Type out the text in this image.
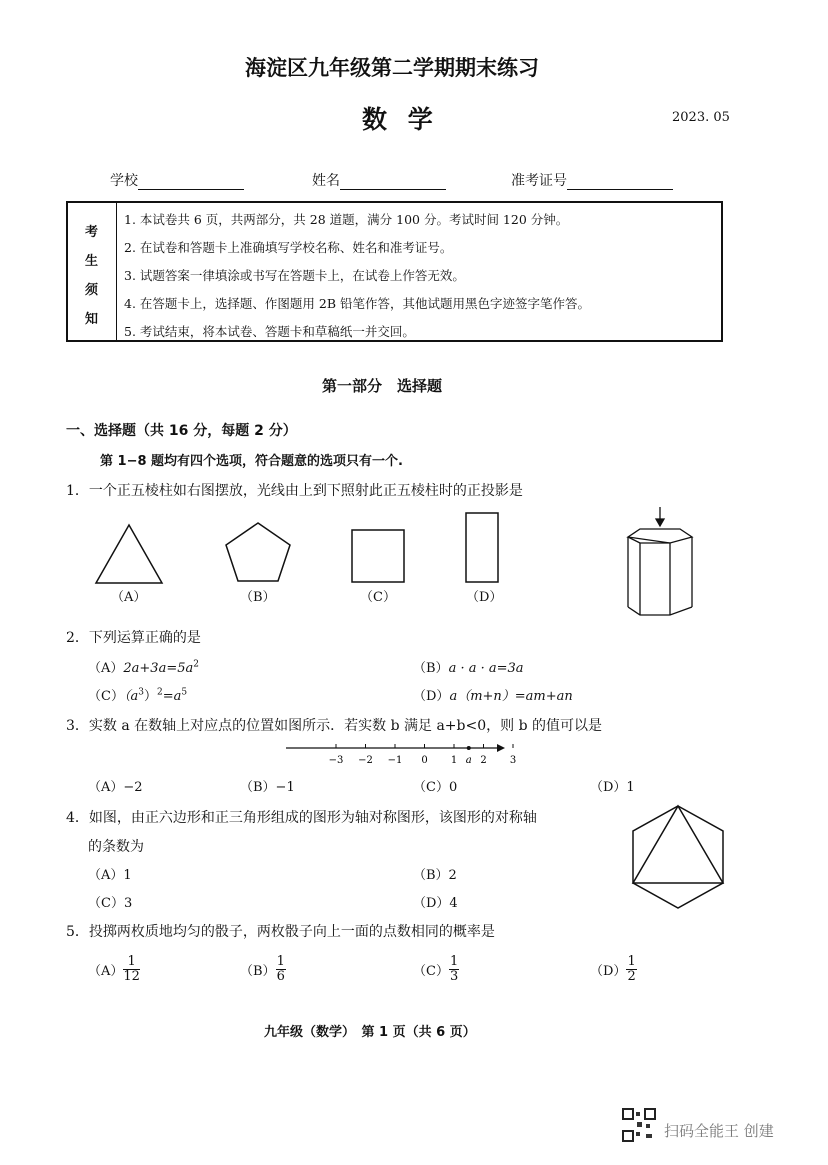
海淀区九年级第二学期期末练习
数 学	2023. 05
学校	姓名	准考证号
考
生
须
知
1. 本试卷共 6 页，共两部分，共 28 道题，满分 100 分。考试时间 120 分钟。
2. 在试卷和答题卡上准确填写学校名称、姓名和准考证号。
3. 试题答案一律填涂或书写在答题卡上，在试卷上作答无效。
4. 在答题卡上，选择题、作图题用 2B 铅笔作答，其他试题用黑色字迹签字笔作答。
5. 考试结束，将本试卷、答题卡和草稿纸一并交回。
第一部分　选择题
一、选择题（共 16 分，每题 2 分）
第 1−8 题均有四个选项，符合题意的选项只有一个.
1．一个正五棱柱如右图摆放，光线由上到下照射此正五棱柱时的正投影是
（A）	（B）	（C）	（D）
2．下列运算正确的是
$(A)2a+3a=5a^2$	（B）a · a · a=3a
$(C)(a^3)^2=a^5$	（D）a（m+n）=am+an
3．实数 a 在数轴上对应点的位置如图所示．若实数 b 满足 a+b<0，则 b 的值可以是
−3 −2 −1 0 1 2 3
a
（A）−2	（B）−1	（C）0	（D）1
4．如图，由正六边形和正三角形组成的图形为轴对称图形，该图形的对称轴
的条数为
（A）1	（B）2
（C）3	（D）4
5．投掷两枚质地均匀的骰子，两枚骰子向上一面的点数相同的概率是
$(A) \frac{1}{12}$	$(B) \frac{1}{6}$	$(C) \frac{1}{3}$	$(D) \frac{1}{2}$
九年级（数学）　第 1 页（共 6 页）
扫码全能王 创建
